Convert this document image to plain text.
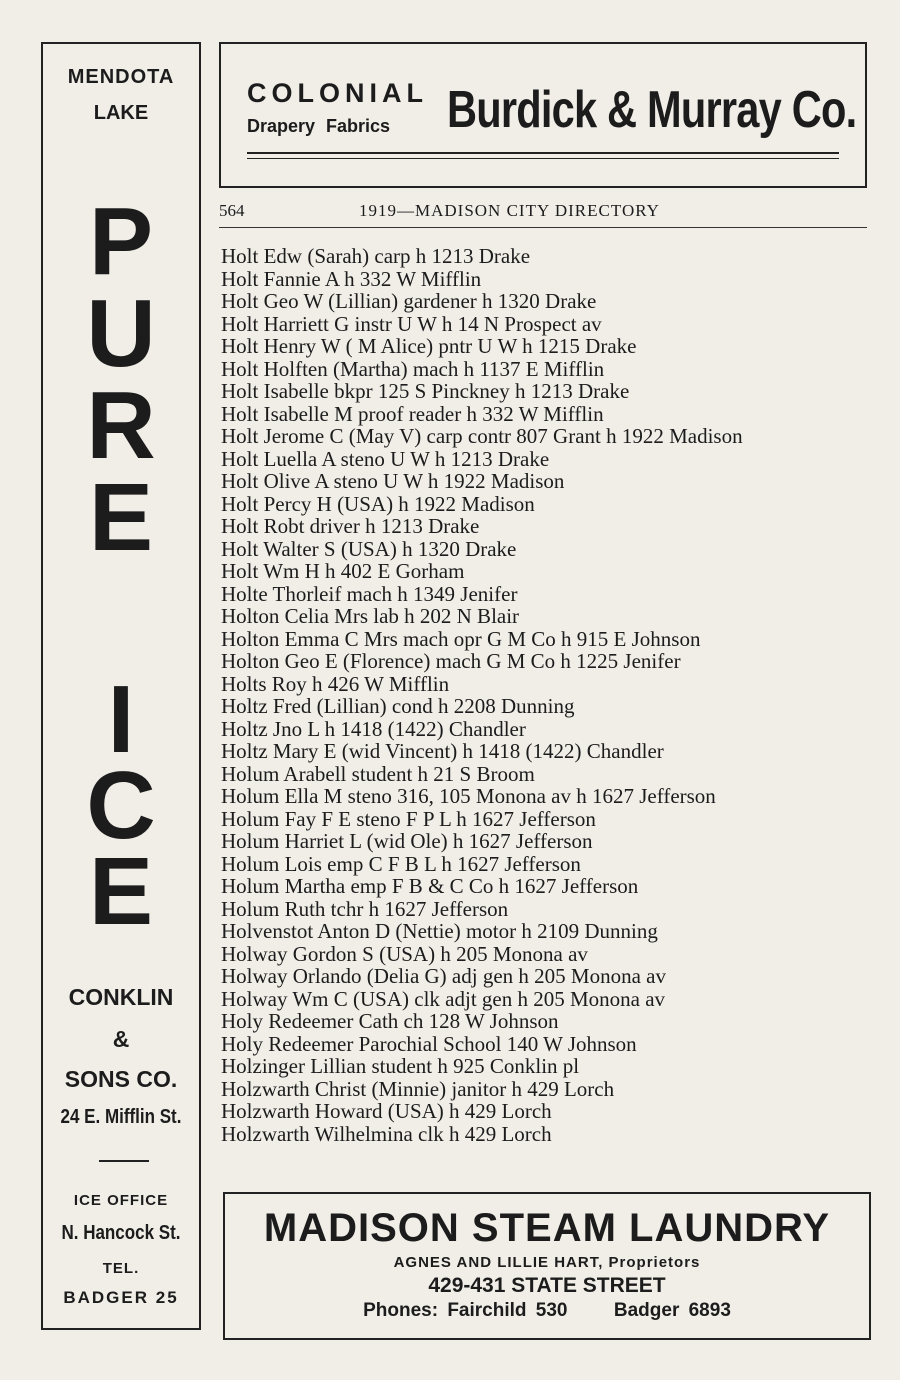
MENDOTA
LAKE
P
U
R
E
I
C
E
CONKLIN
&
SONS CO.
24 E. Mifflin St.
ICE OFFICE
N. Hancock St.
TEL.
BADGER 25
COLONIAL
Drapery Fabrics Burdick & Murray Co.
564	1919—MADISON CITY DIRECTORY

Holt Edw (Sarah) carp h 1213 Drake

Holt Fannie A h 332 W Mifflin

Holt Geo W (Lillian) gardener h 1320 Drake

Holt Harriett G instr U W h 14 N Prospect av

Holt Henry W ( M Alice) pntr U W h 1215 Drake

Holt Holften (Martha) mach h 1137 E Mifflin

Holt Isabelle bkpr 125 S Pinckney h 1213 Drake

Holt Isabelle M proof reader h 332 W Mifflin

Holt Jerome C (May V) carp contr 807 Grant h 1922 Madison

Holt Luella A steno U W h 1213 Drake

Holt Olive A steno U W h 1922 Madison

Holt Percy H (USA) h 1922 Madison

Holt Robt driver h 1213 Drake

Holt Walter S (USA) h 1320 Drake

Holt Wm H h 402 E Gorham

Holte Thorleif mach h 1349 Jenifer

Holton Celia Mrs lab h 202 N Blair

Holton Emma C Mrs mach opr G M Co h 915 E Johnson

Holton Geo E (Florence) mach G M Co h 1225 Jenifer

Holts Roy h 426 W Mifflin

Holtz Fred (Lillian) cond h 2208 Dunning

Holtz Jno L h 1418 (1422) Chandler

Holtz Mary E (wid Vincent) h 1418 (1422) Chandler

Holum Arabell student h 21 S Broom

Holum Ella M steno 316, 105 Monona av h 1627 Jefferson

Holum Fay F E steno F P L h 1627 Jefferson

Holum Harriet L (wid Ole) h 1627 Jefferson

Holum Lois emp C F B L h 1627 Jefferson

Holum Martha emp F B & C Co h 1627 Jefferson

Holum Ruth tchr h 1627 Jefferson

Holvenstot Anton D (Nettie) motor h 2109 Dunning

Holway Gordon S (USA) h 205 Monona av

Holway Orlando (Delia G) adj gen h 205 Monona av

Holway Wm C (USA) clk adjt gen h 205 Monona av

Holy Redeemer Cath ch 128 W Johnson

Holy Redeemer Parochial School 140 W Johnson

Holzinger Lillian student h 925 Conklin pl

Holzwarth Christ (Minnie) janitor h 429 Lorch

Holzwarth Howard (USA) h 429 Lorch

Holzwarth Wilhelmina clk h 429 Lorch

MADISON STEAM LAUNDRY
AGNES AND LILLIE HART, Proprietors
429-431 STATE STREET
Phones: Fairchild 530     Badger 6893
